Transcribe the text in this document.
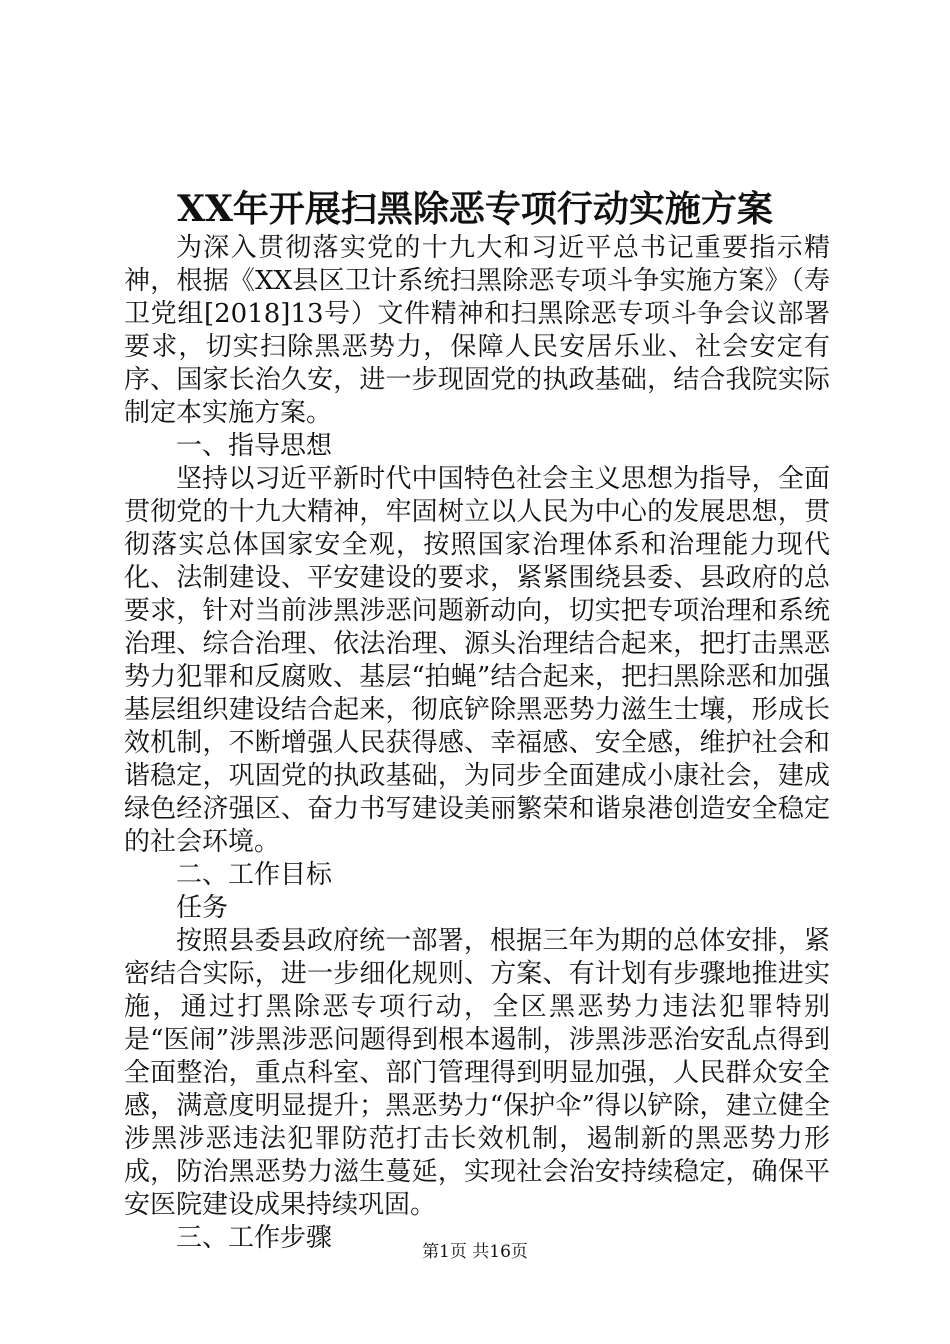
XX年开展扫黑除恶专项行动实施方案

为深入贯彻落实党的十九大和习近平总书记重要指示精神，根据《XX县区卫计系统扫黑除恶专项斗争实施方案》（寿卫党组[2018]13号）文件精神和扫黑除恶专项斗争会议部署要求，切实扫除黑恶势力，保障人民安居乐业、社会安定有序、国家长治久安，进一步现固党的执政基础，结合我院实际制定本实施方案。

一、指导思想

坚持以习近平新时代中国特色社会主义思想为指导，全面贯彻党的十九大精神，牢固树立以人民为中心的发展思想，贯彻落实总体国家安全观，按照国家治理体系和治理能力现代化、法制建设、平安建设的要求，紧紧围绕县委、县政府的总要求，针对当前涉黑涉恶问题新动向，切实把专项治理和系统治理、综合治理、依法治理、源头治理结合起来，把打击黑恶势力犯罪和反腐败、基层“拍蝇”结合起来，把扫黑除恶和加强基层组织建设结合起来，彻底铲除黑恶势力滋生士壤，形成长效机制，不断增强人民获得感、幸福感、安全感，维护社会和谐稳定，巩固党的执政基础，为同步全面建成小康社会，建成绿色经济强区、奋力书写建设美丽繁荣和谐泉港创造安全稳定的社会环境。

二、工作目标

任务

按照县委县政府统一部署，根据三年为期的总体安排，紧密结合实际，进一步细化规则、方案、有计划有步骤地推进实施，通过打黑除恶专项行动，全区黑恶势力违法犯罪特别是“医闹”涉黑涉恶问题得到根本遏制，涉黑涉恶治安乱点得到全面整治，重点科室、部门管理得到明显加强，人民群众安全感，满意度明显提升；黑恶势力“保护伞”得以铲除，建立健全涉黑涉恶违法犯罪防范打击长效机制，遏制新的黑恶势力形成，防治黑恶势力滋生蔓延，实现社会治安持续稳定，确保平安医院建设成果持续巩固。

三、工作步骤	第1页 共16页
